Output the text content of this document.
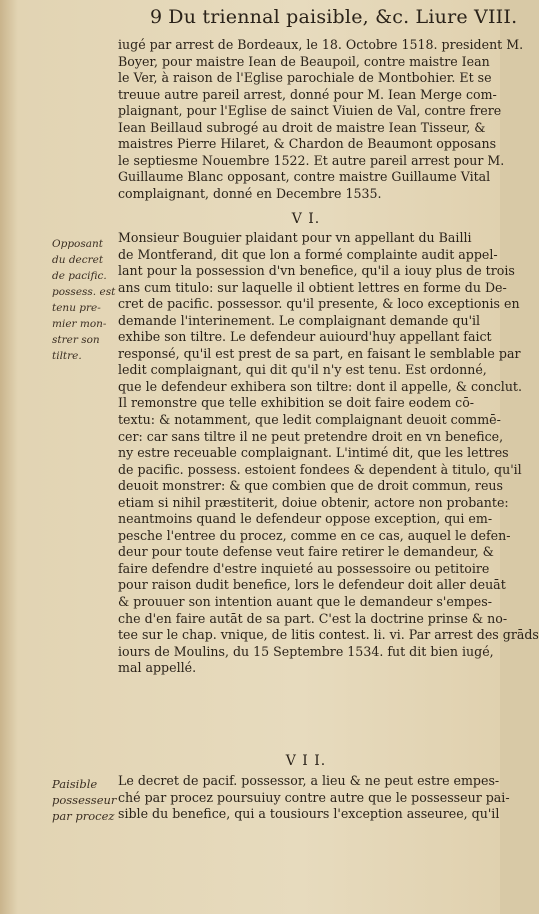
9 Du triennal paisible, &c. Liure VIII.
iugé par arrest de Bordeaux, le 18. Octobre 1518. president M.
Boyer, pour maistre Iean de Beaupoil, contre maistre Iean
le Ver, à raison de l'Eglise parochiale de Montbohier. Et se
treuue autre pareil arrest, donné pour M. Iean Merge com-
plaignant, pour l'Eglise de sainct Viuien de Val, contre frere
Iean Beillaud subrogé au droit de maistre Iean Tisseur, &
maistres Pierre Hilaret, & Chardon de Beaumont opposans
le septiesme Nouembre 1522. Et autre pareil arrest pour M.
Guillaume Blanc opposant, contre maistre Guillaume Vital
complaignant, donné en Decembre 1535.
V I.
Opposant
du decret
de pacific.
possess. est
tenu pre-
mier mon-
strer son
tiltre.
Monsieur Bouguier plaidant pour vn appellant du Bailli
de Montferand, dit que lon a formé complainte audit appel-
lant pour la possession d'vn benefice, qu'il a iouy plus de trois
ans cum titulo: sur laquelle il obtient lettres en forme du De-
cret de pacific. possessor. qu'il presente, & loco exceptionis en
demande l'interinement. Le complaignant demande qu'il
exhibe son tiltre. Le defendeur auiourd'huy appellant faict
responsé, qu'il est prest de sa part, en faisant le semblable par
ledit complaignant, qui dit qu'il n'y est tenu. Est ordonné,
que le defendeur exhibera son tiltre: dont il appelle, & conclut.
Il remonstre que telle exhibition se doit faire eodem cō-
textu: & notamment, que ledit complaignant deuoit commē-
cer: car sans tiltre il ne peut pretendre droit en vn benefice,
ny estre receuable complaignant. L'intimé dit, que les lettres
de pacific. possess. estoient fondees & dependent à titulo, qu'il
deuoit monstrer: & que combien que de droit commun, reus
etiam si nihil præstiterit, doiue obtenir, actore non probante:
neantmoins quand le defendeur oppose exception, qui em-
pesche l'entree du procez, comme en ce cas, auquel le defen-
deur pour toute defense veut faire retirer le demandeur, &
faire defendre d'estre inquieté au possessoire ou petitoire
pour raison dudit benefice, lors le defendeur doit aller deuāt
& prouuer son intention auant que le demandeur s'empes-
che d'en faire autāt de sa part. C'est la doctrine prinse & no-
tee sur le chap. vnique, de litis contest. li. vi. Par arrest des grāds
iours de Moulins, du 15 Septembre 1534. fut dit bien iugé,
mal appellé.
V I I.
Paisible
possesseur
par procez
Le decret de pacif. possessor, a lieu & ne peut estre empes-
ché par procez poursuiuy contre autre que le possesseur pai-
sible du benefice, qui a tousiours l'exception asseuree, qu'il
